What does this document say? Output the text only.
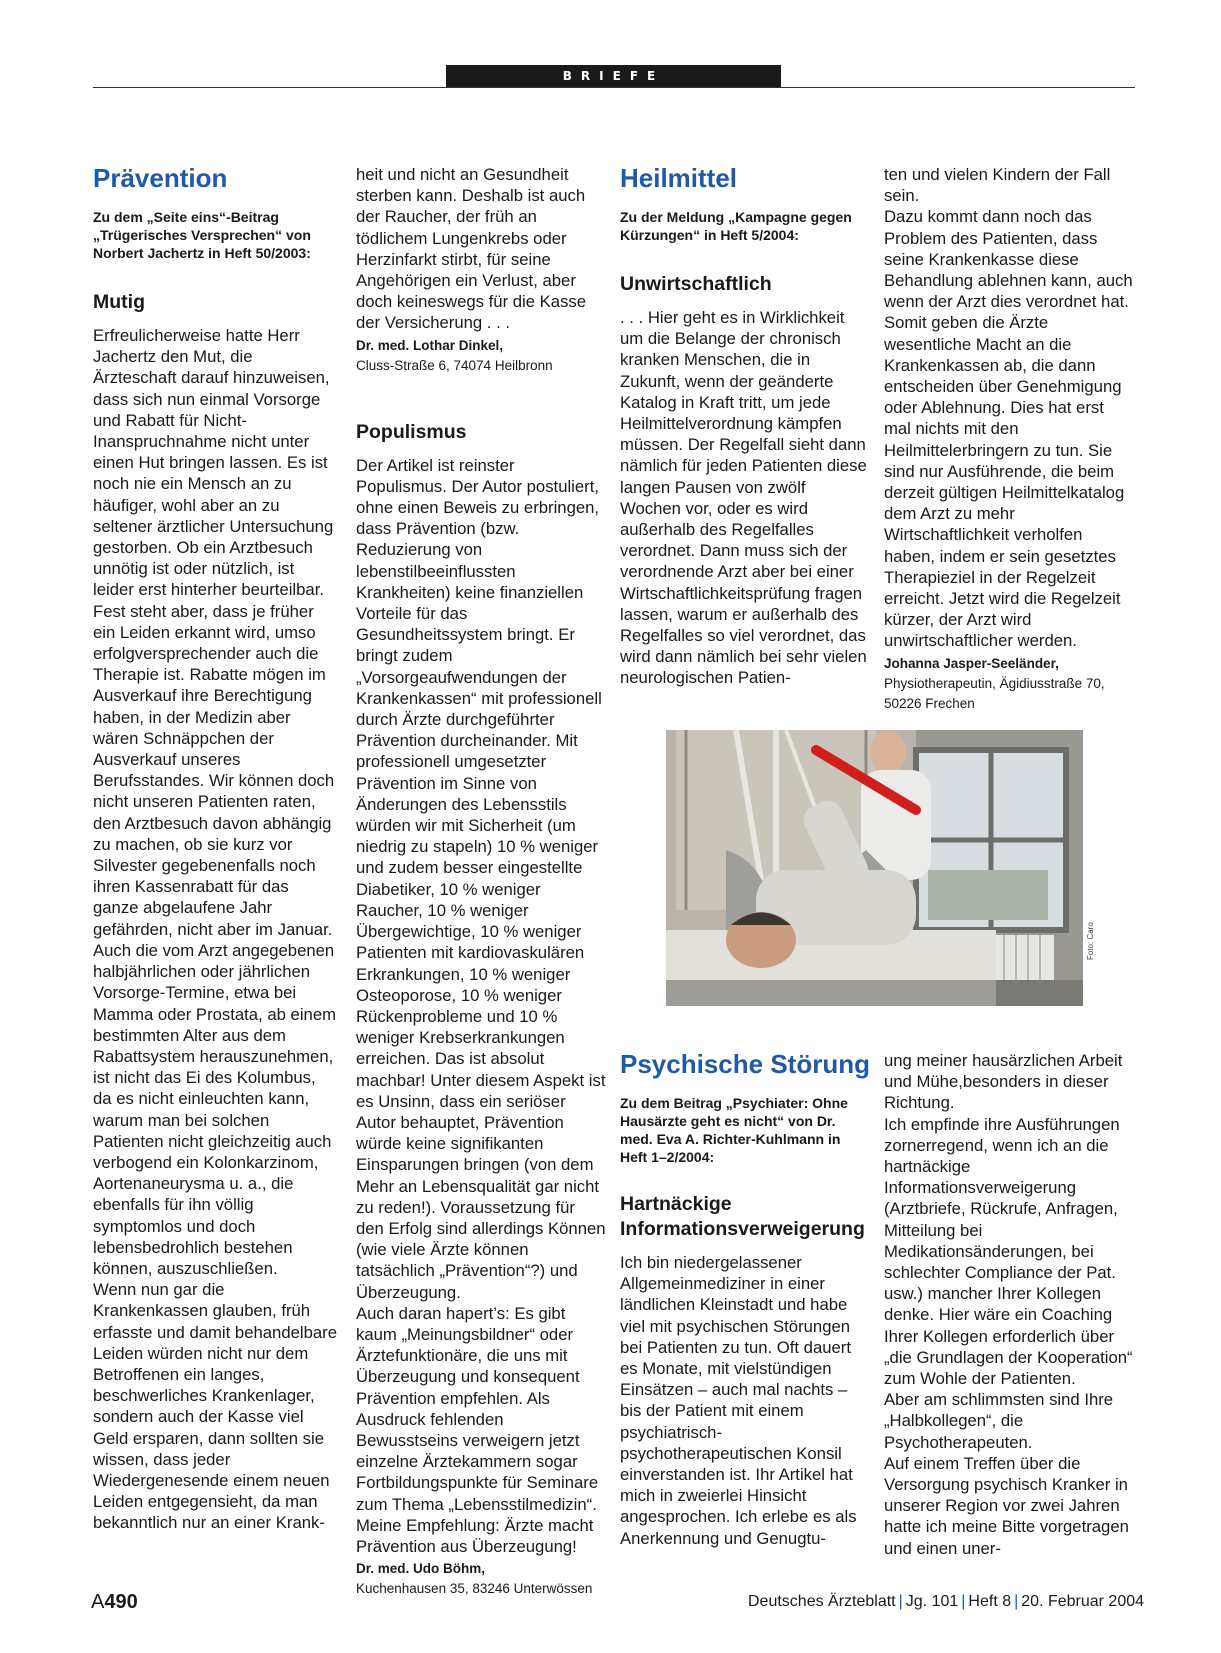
BRIEFE
Prävention
Zu dem „Seite eins“-Beitrag „Trügerisches Versprechen“ von Norbert Jachertz in Heft 50/2003:
Mutig

Erfreulicherweise hatte Herr Jachertz den Mut, die Ärzteschaft darauf hinzuweisen, dass sich nun einmal Vorsorge und Rabatt für Nicht-Inanspruchnahme nicht unter einen Hut bringen lassen. Es ist noch nie ein Mensch an zu häufiger, wohl aber an zu seltener ärztlicher Untersuchung gestorben. Ob ein Arztbesuch unnötig ist oder nützlich, ist leider erst hinterher beurteilbar. Fest steht aber, dass je früher ein Leiden erkannt wird, umso erfolgversprechender auch die Therapie ist. Rabatte mögen im Ausverkauf ihre Berechtigung haben, in der Medizin aber wären Schnäppchen der Ausverkauf unseres Berufsstandes. Wir können doch nicht unseren Patienten raten, den Arztbesuch davon abhängig zu machen, ob sie kurz vor Silvester gegebenenfalls noch ihren Kassenrabatt für das ganze abgelaufene Jahr gefährden, nicht aber im Januar. Auch die vom Arzt angegebenen halbjährlichen oder jährlichen Vorsorge-Termine, etwa bei Mamma oder Prostata, ab einem bestimmten Alter aus dem Rabattsystem herauszunehmen, ist nicht das Ei des Kolumbus, da es nicht einleuchten kann, warum man bei solchen Patienten nicht gleichzeitig auch verbogend ein Kolonkarzinom, Aortenaneurysma u. a., die ebenfalls für ihn völlig symptomlos und doch lebensbedrohlich bestehen können, auszuschließen.

Wenn nun gar die Krankenkassen glauben, früh erfasste und damit behandelbare Leiden würden nicht nur dem Betroffenen ein langes, beschwerliches Krankenlager, sondern auch der Kasse viel Geld ersparen, dann sollten sie wissen, dass jeder Wiedergenesende einem neuen Leiden entgegensieht, da man bekanntlich nur an einer Krank-

heit und nicht an Gesundheit sterben kann. Deshalb ist auch der Raucher, der früh an tödlichem Lungenkrebs oder Herzinfarkt stirbt, für seine Angehörigen ein Verlust, aber doch keineswegs für die Kasse der Versicherung . . .

Dr. med. Lothar Dinkel,
Cluss-Straße 6, 74074 Heilbronn
Populismus

Der Artikel ist reinster Populismus. Der Autor postuliert, ohne einen Beweis zu erbringen, dass Prävention (bzw. Reduzierung von lebenstilbeeinflussten Krankheiten) keine finanziellen Vorteile für das Gesundheitssystem bringt. Er bringt zudem „Vorsorgeaufwendungen der Krankenkassen“ mit professionell durch Ärzte durchgeführter Prävention durcheinander. Mit professionell umgesetzter Prävention im Sinne von Änderungen des Lebensstils würden wir mit Sicherheit (um niedrig zu stapeln) 10 % weniger und zudem besser eingestellte Diabetiker, 10 % weniger Raucher, 10 % weniger Übergewichtige, 10 % weniger Patienten mit kardiovaskulären Erkrankungen, 10 % weniger Osteoporose, 10 % weniger Rückenprobleme und 10 % weniger Krebserkrankungen erreichen. Das ist absolut machbar! Unter diesem Aspekt ist es Unsinn, dass ein seriöser Autor behauptet, Prävention würde keine signifikanten Einsparungen bringen (von dem Mehr an Lebensqualität gar nicht zu reden!). Voraussetzung für den Erfolg sind allerdings Können (wie viele Ärzte können tatsächlich „Prävention“?) und Überzeugung.

Auch daran hapert’s: Es gibt kaum „Meinungsbildner“ oder Ärztefunktionäre, die uns mit Überzeugung und konsequent Prävention empfehlen. Als Ausdruck fehlenden Bewusstseins verweigern jetzt einzelne Ärztekammern sogar Fortbildungspunkte für Seminare zum Thema „Lebensstilmedizin“. Meine Empfehlung: Ärzte macht Prävention aus Überzeugung!

Dr. med. Udo Böhm,
Kuchenhausen 35, 83246 Unterwössen
Heilmittel
Zu der Meldung „Kampagne gegen Kürzungen“ in Heft 5/2004:
Unwirtschaftlich

. . . Hier geht es in Wirklichkeit um die Belange der chronisch kranken Menschen, die in Zukunft, wenn der geänderte Katalog in Kraft tritt, um jede Heilmittelverordnung kämpfen müssen. Der Regelfall sieht dann nämlich für jeden Patienten diese langen Pausen von zwölf Wochen vor, oder es wird außerhalb des Regelfalles verordnet. Dann muss sich der verordnende Arzt aber bei einer Wirtschaftlichkeitsprüfung fragen lassen, warum er außerhalb des Regelfalles so viel verordnet, das wird dann nämlich bei sehr vielen neurologischen Patien-

ten und vielen Kindern der Fall sein.

Dazu kommt dann noch das Problem des Patienten, dass seine Krankenkasse diese Behandlung ablehnen kann, auch wenn der Arzt dies verordnet hat. Somit geben die Ärzte wesentliche Macht an die Krankenkassen ab, die dann entscheiden über Genehmigung oder Ablehnung. Dies hat erst mal nichts mit den Heilmittelerbringern zu tun. Sie sind nur Ausführende, die beim derzeit gültigen Heilmittelkatalog dem Arzt zu mehr Wirtschaftlichkeit verholfen haben, indem er sein gesetztes Therapieziel in der Regelzeit erreicht. Jetzt wird die Regelzeit kürzer, der Arzt wird unwirtschaftlicher werden.

Johanna Jasper-Seeländer,
Physiotherapeutin, Ägidiusstraße 70, 50226 Frechen
Foto: Caro
Psychische Störung
Zu dem Beitrag „Psychiater: Ohne Hausärzte geht es nicht“ von Dr. med. Eva A. Richter-Kuhlmann in Heft 1–2/2004:
Hartnäckige Informationsverweigerung

Ich bin niedergelassener Allgemeinmediziner in einer ländlichen Kleinstadt und habe viel mit psychischen Störungen bei Patienten zu tun. Oft dauert es Monate, mit vielstündigen Einsätzen – auch mal nachts – bis der Patient mit einem psychiatrisch-psychotherapeutischen Konsil einverstanden ist. Ihr Artikel hat mich in zweierlei Hinsicht angesprochen. Ich erlebe es als Anerkennung und Genugtu-

ung meiner hausärzlichen Arbeit und Mühe,besonders in dieser Richtung.

Ich empfinde ihre Ausführungen zornerregend, wenn ich an die hartnäckige Informationsverweigerung (Arztbriefe, Rückrufe, Anfragen, Mitteilung bei Medikationsänderungen, bei schlechter Compliance der Pat. usw.) mancher Ihrer Kollegen denke. Hier wäre ein Coaching Ihrer Kollegen erforderlich über „die Grundlagen der Kooperation“ zum Wohle der Patienten.

Aber am schlimmsten sind Ihre „Halbkollegen“, die Psychotherapeuten.

Auf einem Treffen über die Versorgung psychisch Kranker in unserer Region vor zwei Jahren hatte ich meine Bitte vorgetragen und einen uner-

A490	Deutsches Ärzteblatt | Jg. 101 | Heft 8 | 20. Februar 2004
